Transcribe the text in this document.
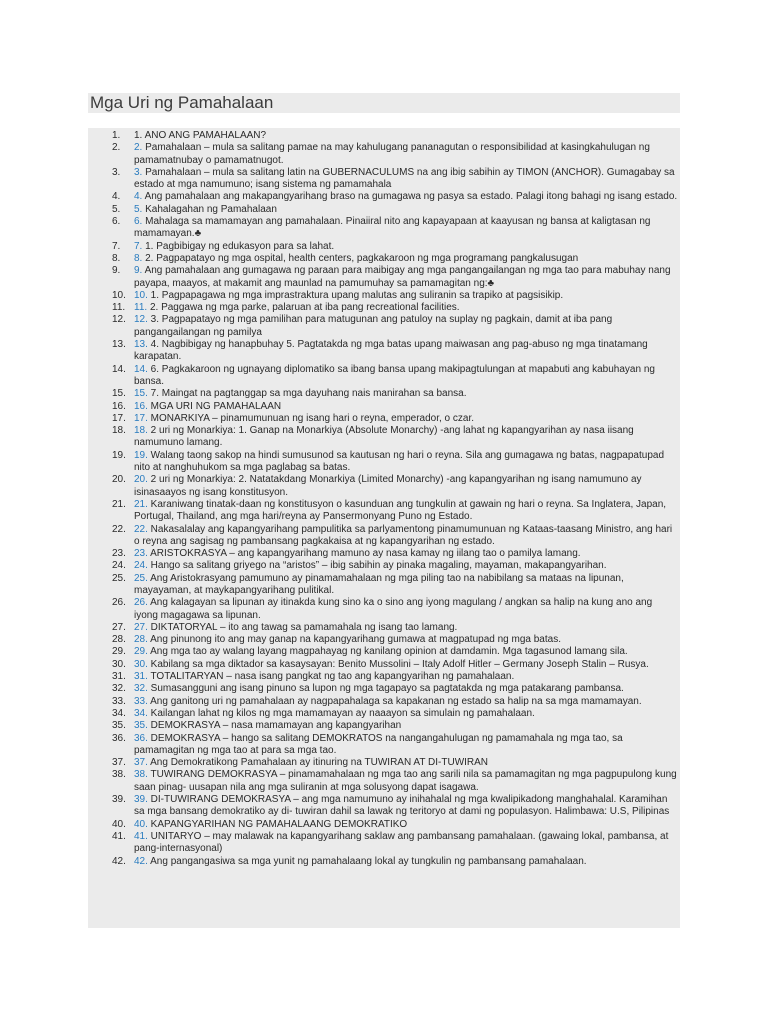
Mga Uri ng Pamahalaan
1.	1. ANO ANG PAMAHALAAN?
2.	2. Pamahalaan – mula sa salitang pamae na may kahulugang pananagutan o responsibilidad at kasingkahulugan ng pamamatnubay o pamamatnugot.
3.	3. Pamahalaan – mula sa salitang latin na GUBERNACULUMS na ang ibig sabihin ay TIMON (ANCHOR). Gumagabay sa estado at mga namumuno; isang sistema ng pamamahala
4.	4. Ang pamahalaan ang makapangyarihang braso na gumagawa ng pasya sa estado. Palagi itong bahagi ng isang estado.
5.	5. Kahalagahan ng Pamahalaan
6.	6. Mahalaga sa mamamayan ang pamahalaan. Pinaiiral nito ang kapayapaan at kaayusan ng bansa at kaligtasan ng mamamayan.♣
7.	7. 1. Pagbibigay ng edukasyon para sa lahat.
8.	8. 2. Pagpapatayo ng mga ospital, health centers, pagkakaroon ng mga programang pangkalusugan
9.	9. Ang pamahalaan ang gumagawa ng paraan para maibigay ang mga pangangailangan ng mga tao para mabuhay nang payapa, maayos, at makamit ang maunlad na pamumuhay sa pamamagitan ng:♣
10. 10. 1. Pagpapagawa ng mga imprastraktura upang malutas ang suliranin sa trapiko at pagsisikip.
11. 11. 2. Paggawa ng mga parke, palaruan at iba pang recreational facilities.
12. 12. 3. Pagpapatayo ng mga pamilihan para matugunan ang patuloy na suplay ng pagkain, damit at iba pang pangangailangan ng pamilya
13. 13. 4. Nagbibigay ng hanapbuhay 5. Pagtatakda ng mga batas upang maiwasan ang pag-abuso ng mga tinatamang karapatan.
14. 14. 6. Pagkakaroon ng ugnayang diplomatiko sa ibang bansa upang makipagtulungan at mapabuti ang kabuhayan ng bansa.
15. 15. 7. Maingat na pagtanggap sa mga dayuhang nais manirahan sa bansa.
16. 16. MGA URI NG PAMAHALAAN
17. 17. MONARKIYA – pinamumunuan ng isang hari o reyna, emperador, o czar.
18. 18. 2 uri ng Monarkiya: 1. Ganap na Monarkiya (Absolute Monarchy) -ang lahat ng kapangyarihan ay nasa iisang namumuno lamang.
19. 19. Walang taong sakop na hindi sumusunod sa kautusan ng hari o reyna. Sila ang gumagawa ng batas, nagpapatupad nito at nanghuhukom sa mga paglabag sa batas.
20. 20. 2 uri ng Monarkiya: 2. Natatakdang Monarkiya (Limited Monarchy) -ang kapangyarihan ng isang namumuno ay isinasaayos ng isang konstitusyon.
21. 21. Karaniwang tinatak-daan ng konstitusyon o kasunduan ang tungkulin at gawain ng hari o reyna. Sa Inglatera, Japan, Portugal, Thailand, ang mga hari/reyna ay Pansermonyang Puno ng Estado.
22. 22. Nakasalalay ang kapangyarihang pampulitika sa parlyamentong pinamumunuan ng Kataas-taasang Ministro, ang hari o reyna ang sagisag ng pambansang pagkakaisa at ng kapangyarihan ng estado.
23. 23. ARISTOKRASYA – ang kapangyarihang mamuno ay nasa kamay ng iilang tao o pamilya lamang.
24. 24. Hango sa salitang griyego na “aristos” – ibig sabihin ay pinaka magaling, mayaman, makapangyarihan.
25. 25. Ang Aristokrasyang pamumuno ay pinamamahalaan ng mga piling tao na nabibilang sa mataas na lipunan, mayayaman, at maykapangyarihang pulitikal.
26. 26. Ang kalagayan sa lipunan ay itinakda kung sino ka o sino ang iyong magulang / angkan sa halip na kung ano ang iyong magagawa sa lipunan.
27. 27. DIKTATORYAL – ito ang tawag sa pamamahala ng isang tao lamang.
28. 28. Ang pinunong ito ang may ganap na kapangyarihang gumawa at magpatupad ng mga batas.
29. 29. Ang mga tao ay walang layang magpahayag ng kanilang opinion at damdamin. Mga tagasunod lamang sila.
30. 30. Kabilang sa mga diktador sa kasaysayan: Benito Mussolini – Italy Adolf Hitler – Germany Joseph Stalin – Rusya.
31. 31. TOTALITARYAN – nasa isang pangkat ng tao ang kapangyarihan ng pamahalaan.
32. 32. Sumasangguni ang isang pinuno sa lupon ng mga tagapayo sa pagtatakda ng mga patakarang pambansa.
33. 33. Ang ganitong uri ng pamahalaan ay nagpapahalaga sa kapakanan ng estado sa halip na sa mga mamamayan.
34. 34. Kailangan lahat ng kilos ng mga mamamayan ay naaayon sa simulain ng pamahalaan.
35. 35. DEMOKRASYA – nasa mamamayan ang kapangyarihan
36. 36. DEMOKRASYA – hango sa salitang DEMOKRATOS na nangangahulugan ng pamamahala ng mga tao, sa pamamagitan ng mga tao at para sa mga tao.
37. 37. Ang Demokratikong Pamahalaan ay itinuring na TUWIRAN AT DI-TUWIRAN
38. 38. TUWIRANG DEMOKRASYA – pinamamahalaan ng mga tao ang sarili nila sa pamamagitan ng mga pagpupulong kung saan pinag- uusapan nila ang mga suliranin at mga solusyong dapat isagawa.
39. 39. DI-TUWIRANG DEMOKRASYA – ang mga namumuno ay inihahalal ng mga kwalipikadong manghahalal. Karamihan sa mga bansang demokratiko ay di- tuwiran dahil sa lawak ng teritoryo at dami ng populasyon. Halimbawa: U.S, Pilipinas
40. 40. KAPANGYARIHAN NG PAMAHALAANG DEMOKRATIKO
41. 41. UNITARYO – may malawak na kapangyarihang saklaw ang pambansang pamahalaan. (gawaing lokal, pambansa, at pang-internasyonal)
42. 42. Ang pangangasiwa sa mga yunit ng pamahalaang lokal ay tungkulin ng pambansang pamahalaan.
